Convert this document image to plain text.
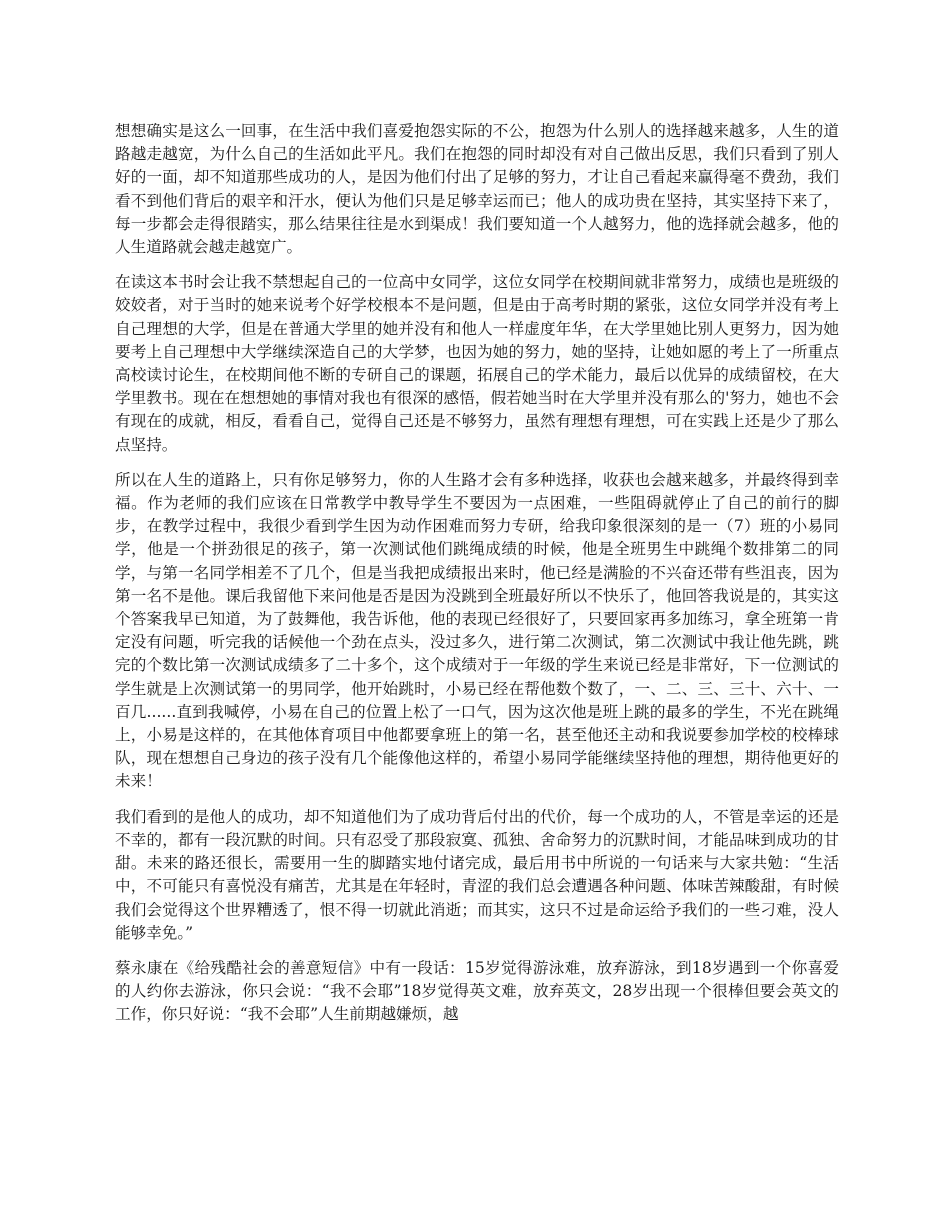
想想确实是这么一回事，在生活中我们喜爱抱怨实际的不公，抱怨为什么别人的选择越来越多，人生的道路越走越宽，为什么自己的生活如此平凡。我们在抱怨的同时却没有对自己做出反思，我们只看到了别人好的一面，却不知道那些成功的人，是因为他们付出了足够的努力，才让自己看起来赢得毫不费劲，我们看不到他们背后的艰辛和汗水，便认为他们只是足够幸运而已；他人的成功贵在坚持，其实坚持下来了，每一步都会走得很踏实，那么结果往往是水到渠成！我们要知道一个人越努力，他的选择就会越多，他的人生道路就会越走越宽广。

在读这本书时会让我不禁想起自己的一位高中女同学，这位女同学在校期间就非常努力，成绩也是班级的姣姣者，对于当时的她来说考个好学校根本不是问题，但是由于高考时期的紧张，这位女同学并没有考上自己理想的大学，但是在普通大学里的她并没有和他人一样虚度年华，在大学里她比别人更努力，因为她要考上自己理想中大学继续深造自己的大学梦，也因为她的努力，她的坚持，让她如愿的考上了一所重点高校读讨论生，在校期间他不断的专研自己的课题，拓展自己的学术能力，最后以优异的成绩留校，在大学里教书。现在在想想她的事情对我也有很深的感悟，假若她当时在大学里并没有那么的'努力，她也不会有现在的成就，相反，看看自己，觉得自己还是不够努力，虽然有理想有理想，可在实践上还是少了那么点坚持。

所以在人生的道路上，只有你足够努力，你的人生路才会有多种选择，收获也会越来越多，并最终得到幸福。作为老师的我们应该在日常教学中教导学生不要因为一点困难，一些阻碍就停止了自己的前行的脚步，在教学过程中，我很少看到学生因为动作困难而努力专研，给我印象很深刻的是一（7）班的小易同学，他是一个拼劲很足的孩子，第一次测试他们跳绳成绩的时候，他是全班男生中跳绳个数排第二的同学，与第一名同学相差不了几个，但是当我把成绩报出来时，他已经是满脸的不兴奋还带有些沮丧，因为第一名不是他。课后我留他下来问他是否是因为没跳到全班最好所以不快乐了，他回答我说是的，其实这个答案我早已知道，为了鼓舞他，我告诉他，他的表现已经很好了，只要回家再多加练习，拿全班第一肯定没有问题，听完我的话候他一个劲在点头，没过多久，进行第二次测试，第二次测试中我让他先跳，跳完的个数比第一次测试成绩多了二十多个，这个成绩对于一年级的学生来说已经是非常好，下一位测试的学生就是上次测试第一的男同学，他开始跳时，小易已经在帮他数个数了，一、二、三、三十、六十、一百几......直到我喊停，小易在自己的位置上松了一口气，因为这次他是班上跳的最多的学生，不光在跳绳上，小易是这样的，在其他体育项目中他都要拿班上的第一名，甚至他还主动和我说要参加学校的校棒球队，现在想想自己身边的孩子没有几个能像他这样的，希望小易同学能继续坚持他的理想，期待他更好的未来！

我们看到的是他人的成功，却不知道他们为了成功背后付出的代价，每一个成功的人，不管是幸运的还是不幸的，都有一段沉默的时间。只有忍受了那段寂寞、孤独、舍命努力的沉默时间，才能品味到成功的甘甜。未来的路还很长，需要用一生的脚踏实地付诸完成，最后用书中所说的一句话来与大家共勉：“生活中，不可能只有喜悦没有痛苦，尤其是在年轻时，青涩的我们总会遭遇各种问题、体味苦辣酸甜，有时候我们会觉得这个世界糟透了，恨不得一切就此消逝；而其实，这只不过是命运给予我们的一些刁难，没人能够幸免。”

蔡永康在《给残酷社会的善意短信》中有一段话：15岁觉得游泳难，放弃游泳，到18岁遇到一个你喜爱的人约你去游泳，你只会说：“我不会耶”18岁觉得英文难，放弃英文，28岁出现一个很棒但要会英文的工作，你只好说：“我不会耶”人生前期越嫌烦，越
